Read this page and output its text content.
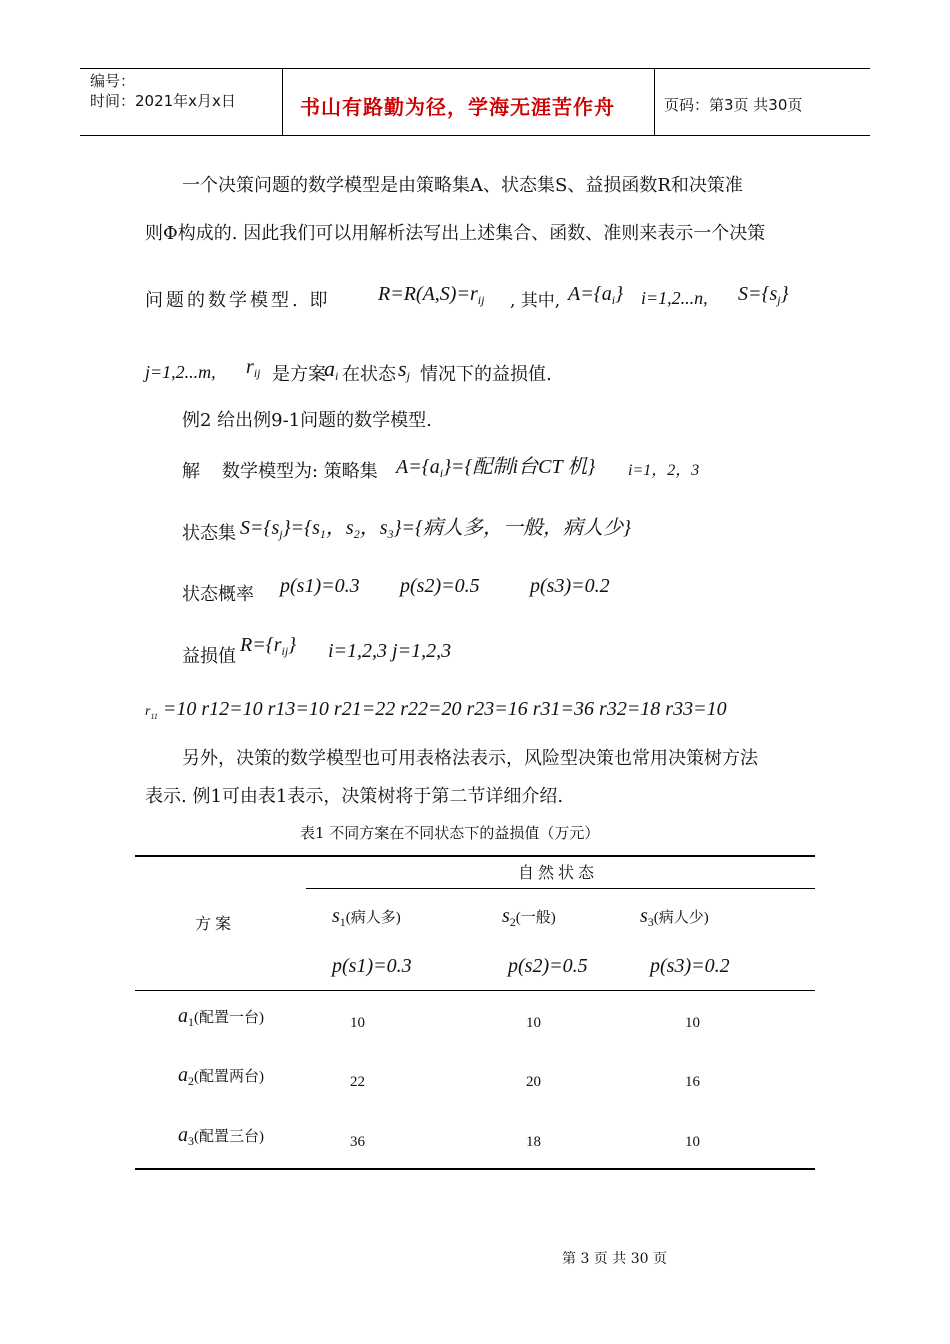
编号：
时间：2021年x月x日	书山有路勤为径，学海无涯苦作舟	页码：第3页 共30页
一个决策问题的数学模型是由策略集A、状态集S、益损函数R和决策准
则Φ构成的. 因此我们可以用解析法写出上述集合、函数、准则来表示一个决策
问题的数学模型. 即 $R=R(A,S)=r_{ij}$ , 其中, $A=\{a_i\}$ i=1,2...n, $S=\{s_j\}$
j=1,2...m, $r_{ij}$ 是方案
$a_i$ 在状态 $s_j$ 情况下的益损值.
例2 给出例9-1问题的数学模型.
解 数学模型为: 策略集 $A=\{a_i\}=${配制i台CT 机} i=1，2，3
状态集 $S=\{s_j\}=\{s_1$，$s_2$，$s_3\}=${病人多，一般，病人少}
状态概率 p(s1)=0.3 p(s2)=0.5	p(s3)=0.2
益损值
$R=\{r_{ij}\}$ i=1,2,3 j=1,2,3
$r_{11} =10$ r12=10 r13=10 r21=22 r22=20 r23=16 r31=36 r32=18 r33=10
另外，决策的数学模型也可用表格法表示，风险型决策也常用决策树方法
表示. 例1可由表1表示，决策树将于第二节详细介绍.
表1 不同方案在不同状态下的益损值（万元）
自 然 状 态
方 案	$s_1$(病人多)	$s_2$(一般)	$s_3$(病人少)
p(s1)=0.3	p(s2)=0.5	p(s3)=0.2
$a_1$(配置一台)	10	10	10
$a_2$(配置两台)	22	20	16
$a_3$(配置三台)	36	18	10
第 3 页 共 30 页
